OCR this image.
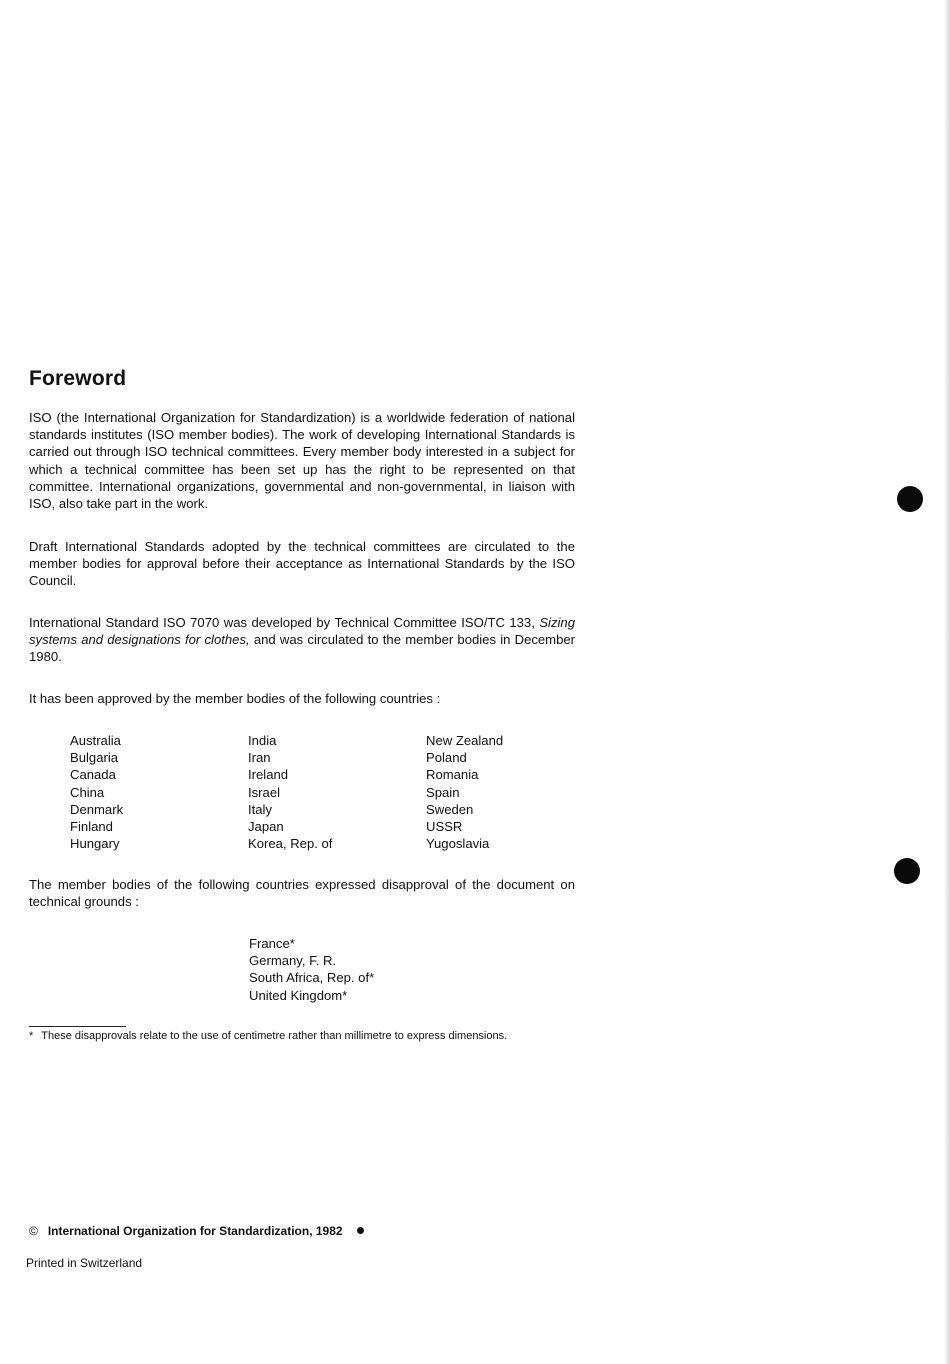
Foreword

ISO (the International Organization for Standardization) is a worldwide federation of national standards institutes (ISO member bodies). The work of developing International Standards is carried out through ISO technical committees. Every member body interested in a subject for which a technical committee has been set up has the right to be represented on that committee. International organizations, governmental and non-governmental, in liaison with ISO, also take part in the work.

Draft International Standards adopted by the technical committees are circulated to the member bodies for approval before their acceptance as International Standards by the ISO Council.

International Standard ISO 7070 was developed by Technical Committee ISO/TC 133, Sizing systems and designations for clothes, and was circulated to the member bodies in December 1980.

It has been approved by the member bodies of the following countries :

Australia
Bulgaria
Canada
China
Denmark
Finland
Hungary
India
Iran
Ireland
Israel
Italy
Japan
Korea, Rep. of
New Zealand
Poland
Romania
Spain
Sweden
USSR
Yugoslavia

The member bodies of the following countries expressed disapproval of the document on technical grounds :

France*
Germany, F. R.
South Africa, Rep. of*
United Kingdom*

* These disapprovals relate to the use of centimetre rather than millimetre to express dimensions.

© International Organization for Standardization, 1982
Printed in Switzerland
